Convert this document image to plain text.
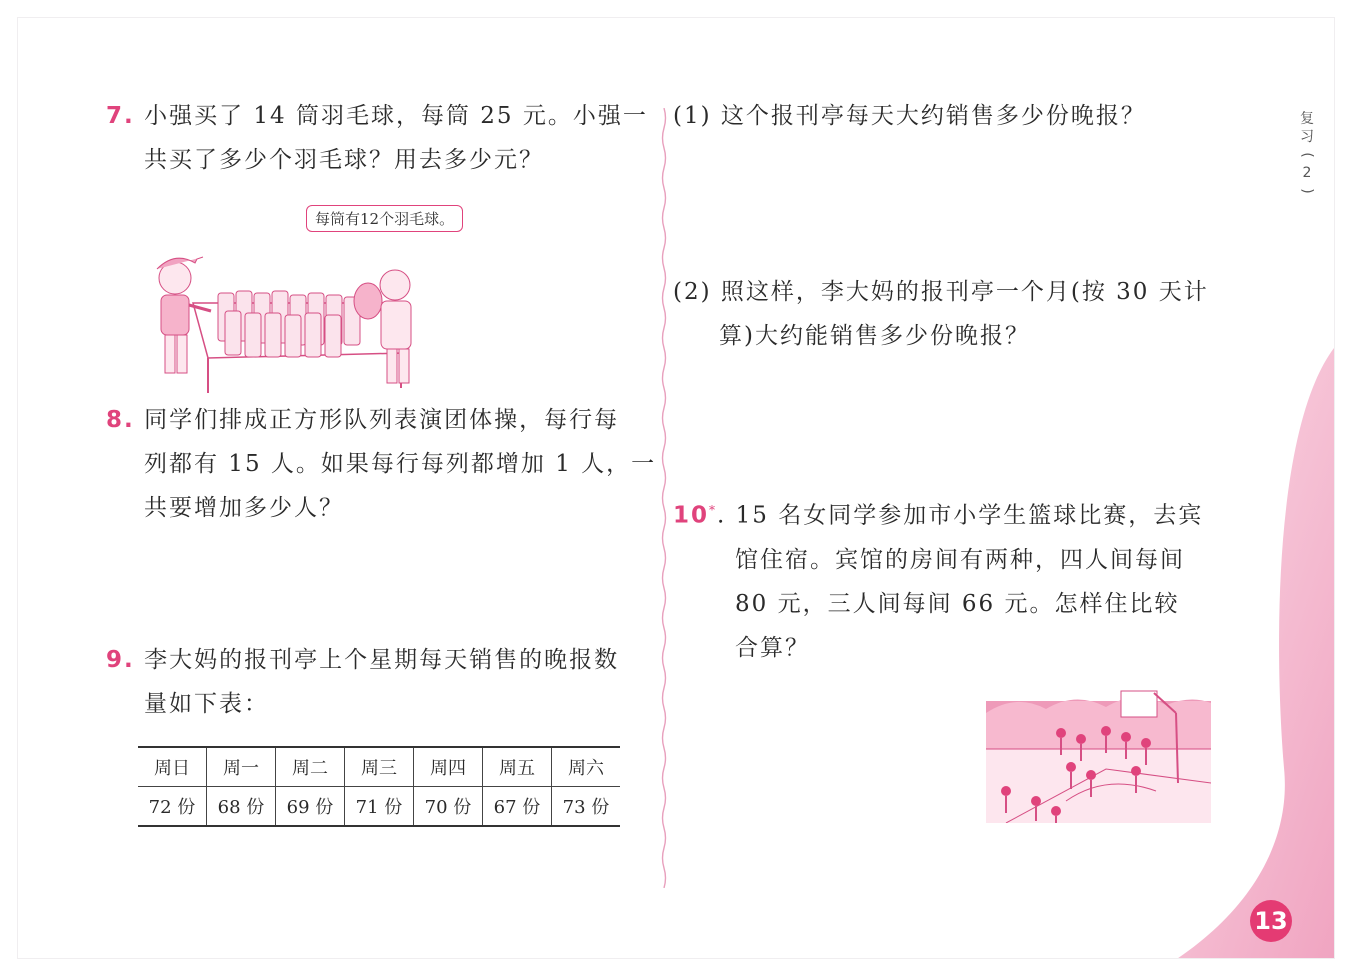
7. 小强买了 14 筒羽毛球，每筒 25 元。小强一
共买了多少个羽毛球？用去多少元？
每筒有12个羽毛球。
8. 同学们排成正方形队列表演团体操，每行每
列都有 15 人。如果每行每列都增加 1 人，一
共要增加多少人？
9. 李大妈的报刊亭上个星期每天销售的晚报数
量如下表：
周日	周一	周二	周三	周四	周五	周六
72 份	68 份	69 份	71 份	70 份	67 份	73 份
(1) 这个报刊亭每天大约销售多少份晚报？
(2) 照这样，李大妈的报刊亭一个月(按 30 天计
算)大约能销售多少份晚报？
10*. 15 名女同学参加市小学生篮球比赛，去宾
馆住宿。宾馆的房间有两种，四人间每间
80 元，三人间每间 66 元。怎样住比较
合算？
复
习
(
2
)
13
